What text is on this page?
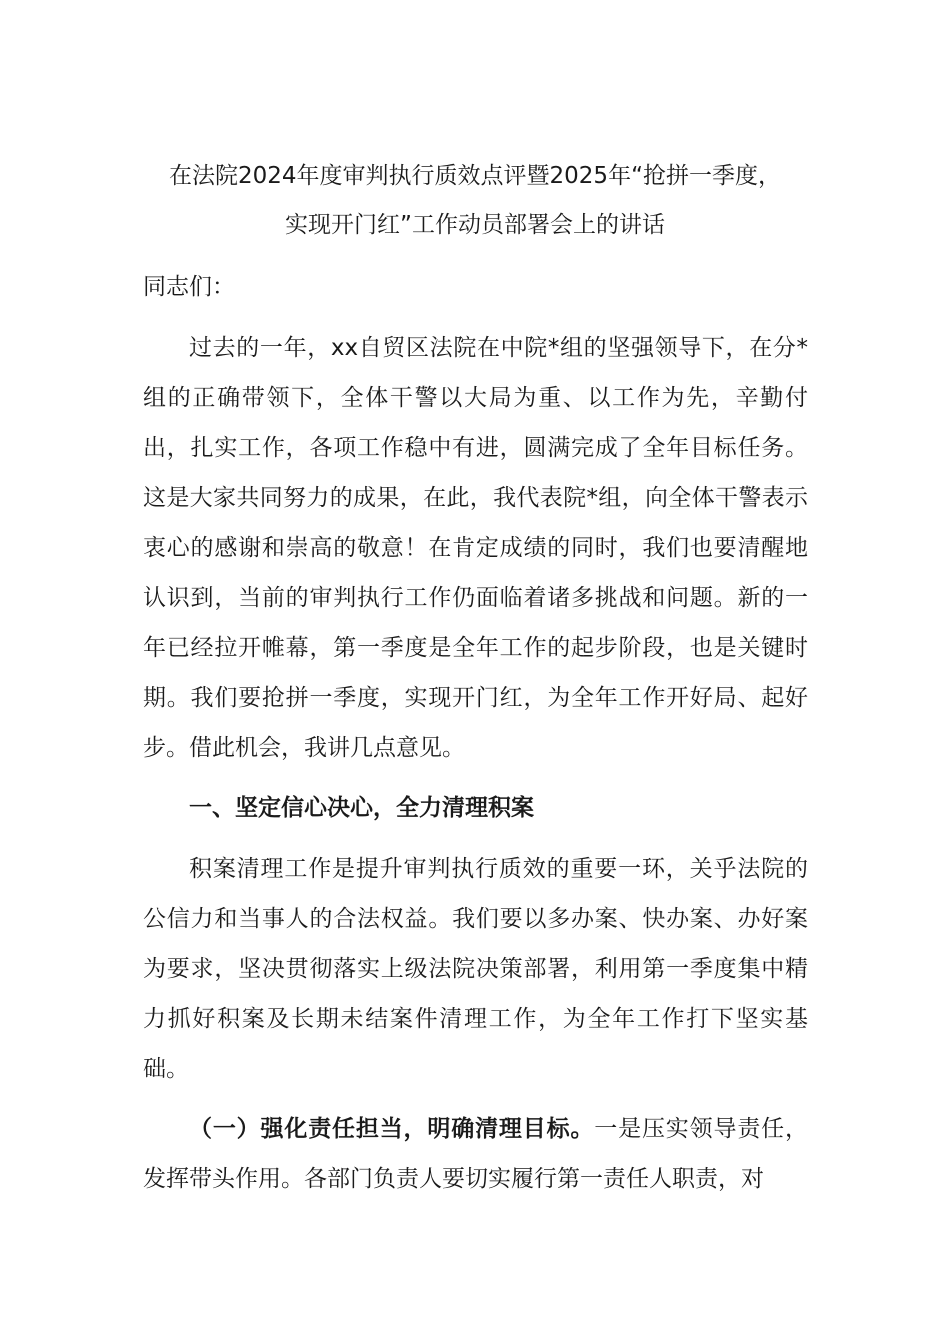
在法院2024年度审判执行质效点评暨2025年“抢拼一季度，
实现开门红”工作动员部署会上的讲话
同志们：

过去的一年，xx自贸区法院在中院*组的坚强领导下，在分*组的正确带领下，全体干警以大局为重、以工作为先，辛勤付出，扎实工作，各项工作稳中有进，圆满完成了全年目标任务。这是大家共同努力的成果，在此，我代表院*组，向全体干警表示衷心的感谢和崇高的敬意！在肯定成绩的同时，我们也要清醒地认识到，当前的审判执行工作仍面临着诸多挑战和问题。新的一年已经拉开帷幕，第一季度是全年工作的起步阶段，也是关键时期。我们要抢拼一季度，实现开门红，为全年工作开好局、起好步。借此机会，我讲几点意见。

一、坚定信心决心，全力清理积案

积案清理工作是提升审判执行质效的重要一环，关乎法院的公信力和当事人的合法权益。我们要以多办案、快办案、办好案为要求，坚决贯彻落实上级法院决策部署，利用第一季度集中精力抓好积案及长期未结案件清理工作，为全年工作打下坚实基础。

（一）强化责任担当，明确清理目标。一是压实领导责任，发挥带头作用。各部门负责人要切实履行第一责任人职责，对
